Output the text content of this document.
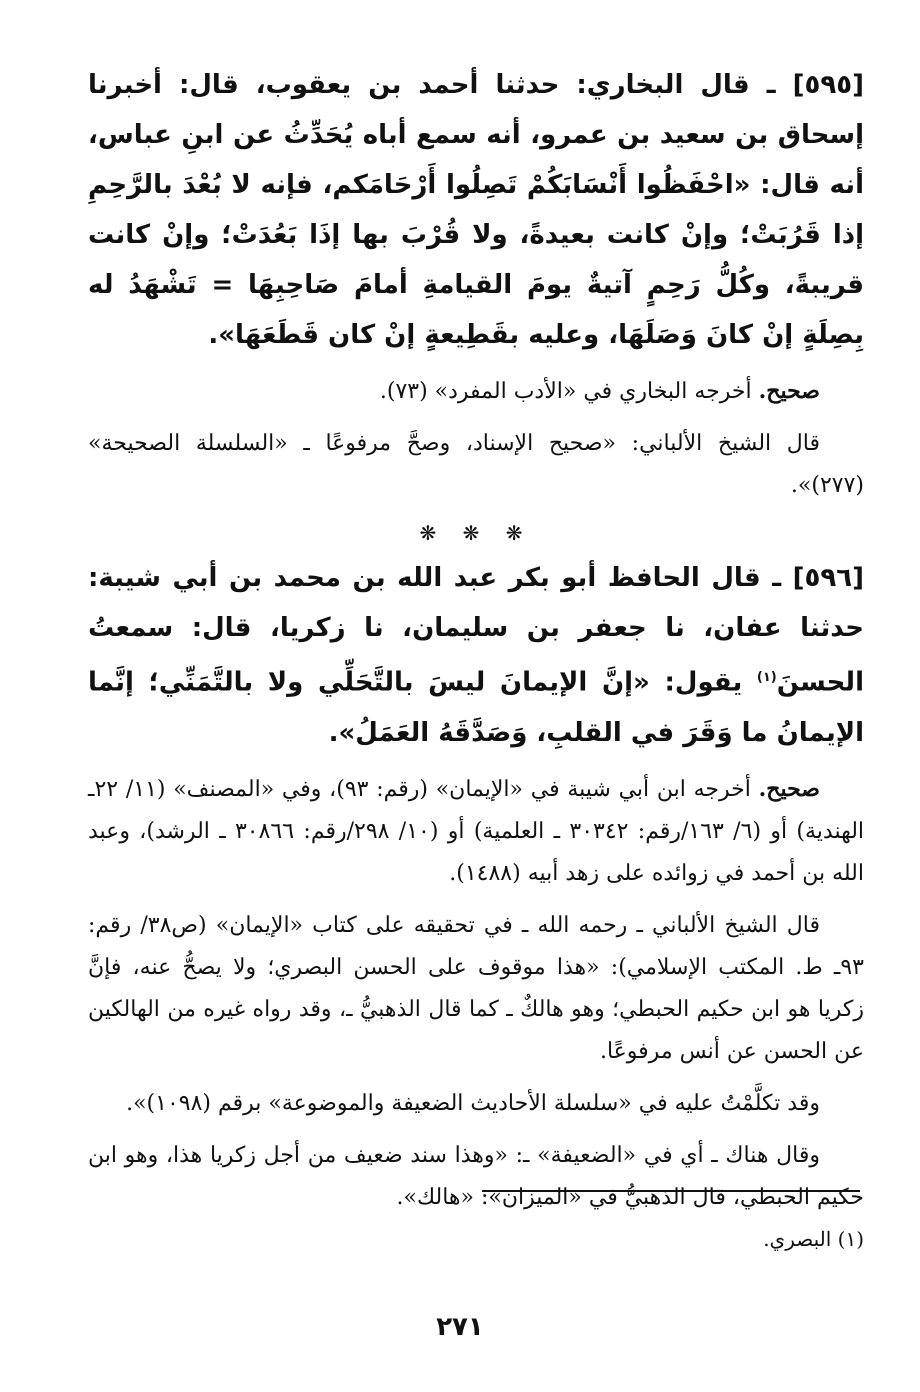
[٥٩٥] ـ قال البخاري: حدثنا أحمد بن يعقوب، قال: أخبرنا إسحاق بن سعيد بن عمرو، أنه سمع أباه يُحَدِّثُ عن ابنِ عباس، أنه قال: «احْفَظُوا أَنْسَابَكُمْ تَصِلُوا أَرْحَامَكم، فإنه لا بُعْدَ بالرَّحِمِ إذا قَرُبَتْ؛ وإنْ كانت بعيدةً، ولا قُرْبَ بها إذَا بَعُدَتْ؛ وإنْ كانت قريبةً، وكُلُّ رَحِمٍ آتيةٌ يومَ القيامةِ أمامَ صَاحِبِهَا = تَشْهَدُ له بِصِلَةٍ إنْ كانَ وَصَلَهَا، وعليه بقَطِيعةٍ إنْ كان قَطَعَهَا».

صحيح. أخرجه البخاري في «الأدب المفرد» (٧٣).

قال الشيخ الألباني: «صحيح الإسناد، وصحَّ مرفوعًا ـ «السلسلة الصحيحة» (٢٧٧)».

❋ ❋ ❋

[٥٩٦] ـ قال الحافظ أبو بكر عبد الله بن محمد بن أبي شيبة: حدثنا عفان، نا جعفر بن سليمان، نا زكريا، قال: سمعتُ الحسنَ$^{(١)}$ يقول: «إنَّ الإيمانَ ليسَ بالتَّحَلِّي ولا بالتَّمَنِّي؛ إنَّما الإيمانُ ما وَقَرَ في القلبِ، وَصَدَّقَهُ العَمَلُ».

صحيح. أخرجه ابن أبي شيبة في «الإيمان» (رقم: ٩٣)، وفي «المصنف» (١١/ ٢٢ـ الهندية) أو (٦/ ١٦٣/رقم: ٣٠٣٤٢ ـ العلمية) أو (١٠/ ٢٩٨/رقم: ٣٠٨٦٦ ـ الرشد)، وعبد الله بن أحمد في زوائده على زهد أبيه (١٤٨٨).

قال الشيخ الألباني ـ رحمه الله ـ في تحقيقه على كتاب «الإيمان» (ص٣٨/ رقم: ٩٣ـ ط. المكتب الإسلامي): «هذا موقوف على الحسن البصري؛ ولا يصحُّ عنه، فإنَّ زكريا هو ابن حكيم الحبطي؛ وهو هالكٌ ـ كما قال الذهبيُّ ـ، وقد رواه غيره من الهالكين عن الحسن عن أنس مرفوعًا.

وقد تكلَّمْتُ عليه في «سلسلة الأحاديث الضعيفة والموضوعة» برقم (١٠٩٨)».

وقال هناك ـ أي في «الضعيفة» ـ: «وهذا سند ضعيف من أجل زكريا هذا، وهو ابن حكيم الحبطي، قال الذهبيُّ في «الميزان»: «هالك».

(١) البصري.
٢٧١
